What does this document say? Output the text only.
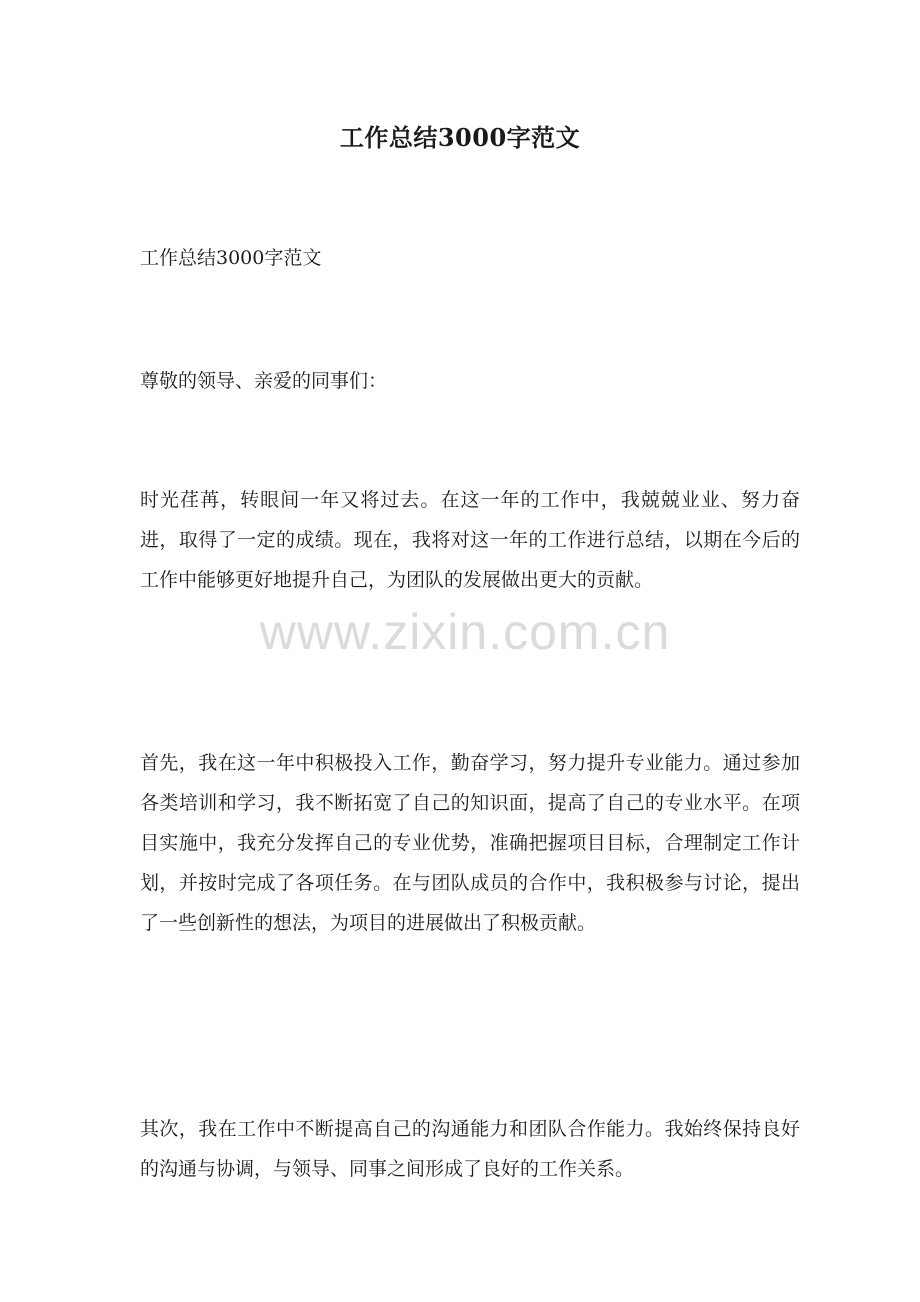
工作总结3000字范文
工作总结3000字范文
尊敬的领导、亲爱的同事们：
时光荏苒，转眼间一年又将过去。在这一年的工作中，我兢兢业业、努力奋进，取得了一定的成绩。现在，我将对这一年的工作进行总结，以期在今后的工作中能够更好地提升自己，为团队的发展做出更大的贡献。
首先，我在这一年中积极投入工作，勤奋学习，努力提升专业能力。通过参加各类培训和学习，我不断拓宽了自己的知识面，提高了自己的专业水平。在项目实施中，我充分发挥自己的专业优势，准确把握项目目标，合理制定工作计划，并按时完成了各项任务。在与团队成员的合作中，我积极参与讨论，提出了一些创新性的想法，为项目的进展做出了积极贡献。
其次，我在工作中不断提高自己的沟通能力和团队合作能力。我始终保持良好的沟通与协调，与领导、同事之间形成了良好的工作关系。
www.zixin.com.cn
